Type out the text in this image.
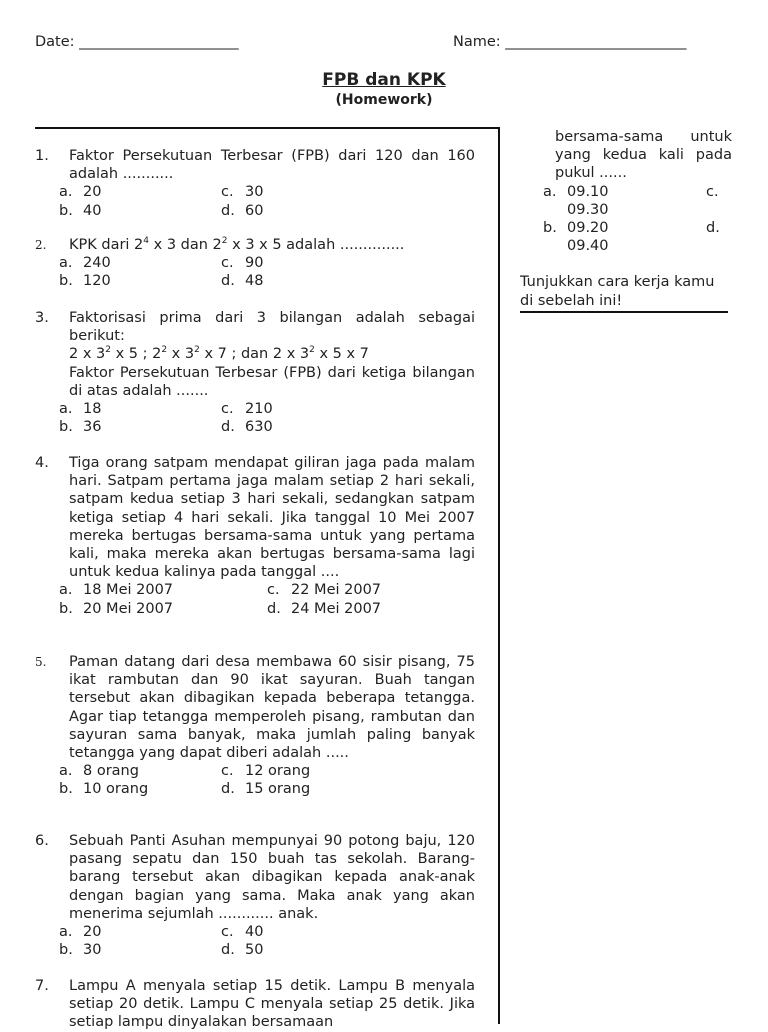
Date: ______________________	Name: _________________________
FPB dan KPK
(Homework)
1. Faktor Persekutuan Terbesar (FPB) dari 120 dan 160 adalah ...........
a. 20	c. 30
b. 40	d. 60
2. KPK dari $2^4$ x 3 dan $2^2$ x 3 x 5 adalah ..............
a. 240	c. 90
b. 120	d. 48
3. Faktorisasi prima dari 3 bilangan adalah sebagai berikut:
2 x $3^2$ x 5 ; $2^2$ x $3^2$ x 7 ; dan 2 x $3^2$ x 5 x 7
Faktor Persekutuan Terbesar (FPB) dari ketiga bilangan di atas adalah .......
a. 18	c. 210
b. 36	d. 630
4. Tiga orang satpam mendapat giliran jaga pada malam hari. Satpam pertama jaga malam setiap 2 hari sekali, satpam kedua setiap 3 hari sekali, sedangkan satpam ketiga setiap 4 hari sekali. Jika tanggal 10 Mei 2007 mereka bertugas bersama-sama untuk yang pertama kali, maka mereka akan bertugas bersama-sama lagi untuk kedua kalinya pada tanggal ....
a. 18 Mei 2007	c. 22 Mei 2007
b. 20 Mei 2007	d. 24 Mei 2007
5. Paman datang dari desa membawa 60 sisir pisang, 75 ikat rambutan dan 90 ikat sayuran. Buah tangan tersebut akan dibagikan kepada beberapa tetangga. Agar tiap tetangga memperoleh pisang, rambutan dan sayuran sama banyak, maka jumlah paling banyak tetangga yang dapat diberi adalah .....
a. 8 orang	c. 12 orang
b. 10 orang	d. 15 orang
6. Sebuah Panti Asuhan mempunyai 90 potong baju, 120 pasang sepatu dan 150 buah tas sekolah. Barang-barang tersebut akan dibagikan kepada anak-anak dengan bagian yang sama. Maka anak yang akan menerima sejumlah ............ anak.
a. 20	c. 40
b. 30	d. 50
7. Lampu A menyala setiap 15 detik. Lampu B menyala setiap 20 detik. Lampu C menyala setiap 25 detik. Jika setiap lampu dinyalakan bersamaan
bersama-sama untuk yang kedua kali pada pukul ......
a. 09.10	c.
09.30
b. 09.20	d.
09.40
Tunjukkan cara kerja kamu di sebelah ini!
